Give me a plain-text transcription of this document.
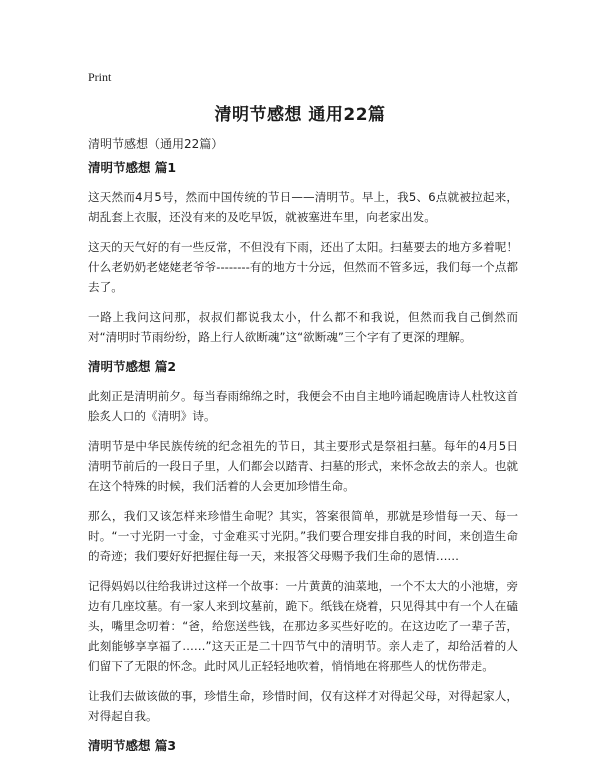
Print
清明节感想 通用22篇

清明节感想（通用22篇）

清明节感想 篇1

这天然而4月5号，然而中国传统的节日——清明节。早上，我5、6点就被拉起来，胡乱套上衣服，还没有来的及吃早饭，就被塞进车里，向老家出发。

这天的天气好的有一些反常，不但没有下雨，还出了太阳。扫墓要去的地方多着呢！什么老奶奶老姥姥老爷爷--------有的地方十分远，但然而不管多远，我们每一个点都去了。

一路上我问这问那，叔叔们都说我太小，什么都不和我说，但然而我自己倒然而对“清明时节雨纷纷，路上行人欲断魂”这“欲断魂”三个字有了更深的理解。

清明节感想 篇2

此刻正是清明前夕。每当春雨绵绵之时，我便会不由自主地吟诵起晚唐诗人杜牧这首脍炙人口的《清明》诗。

清明节是中华民族传统的纪念祖先的节日，其主要形式是祭祖扫墓。每年的4月5日清明节前后的一段日子里，人们都会以踏青、扫墓的形式，来怀念故去的亲人。也就在这个特殊的时候，我们活着的人会更加珍惜生命。

那么，我们又该怎样来珍惜生命呢？其实，答案很简单，那就是珍惜每一天、每一时。“一寸光阴一寸金，寸金难买寸光阴。”我们要合理安排自我的时间，来创造生命的奇迹；我们要好好把握住每一天，来报答父母赐予我们生命的恩情……

记得妈妈以往给我讲过这样一个故事：一片黄黄的油菜地，一个不太大的小池塘，旁边有几座坟墓。有一家人来到坟墓前，跪下。纸钱在烧着，只见得其中有一个人在磕头，嘴里念叨着：“爸，给您送些钱，在那边多买些好吃的。在这边吃了一辈子苦，此刻能够享享福了……”这天正是二十四节气中的清明节。亲人走了，却给活着的人们留下了无限的怀念。此时风儿正轻轻地吹着，悄悄地在将那些人的忧伤带走。

让我们去做该做的事，珍惜生命，珍惜时间，仅有这样才对得起父母，对得起家人，对得起自我。

清明节感想 篇3
